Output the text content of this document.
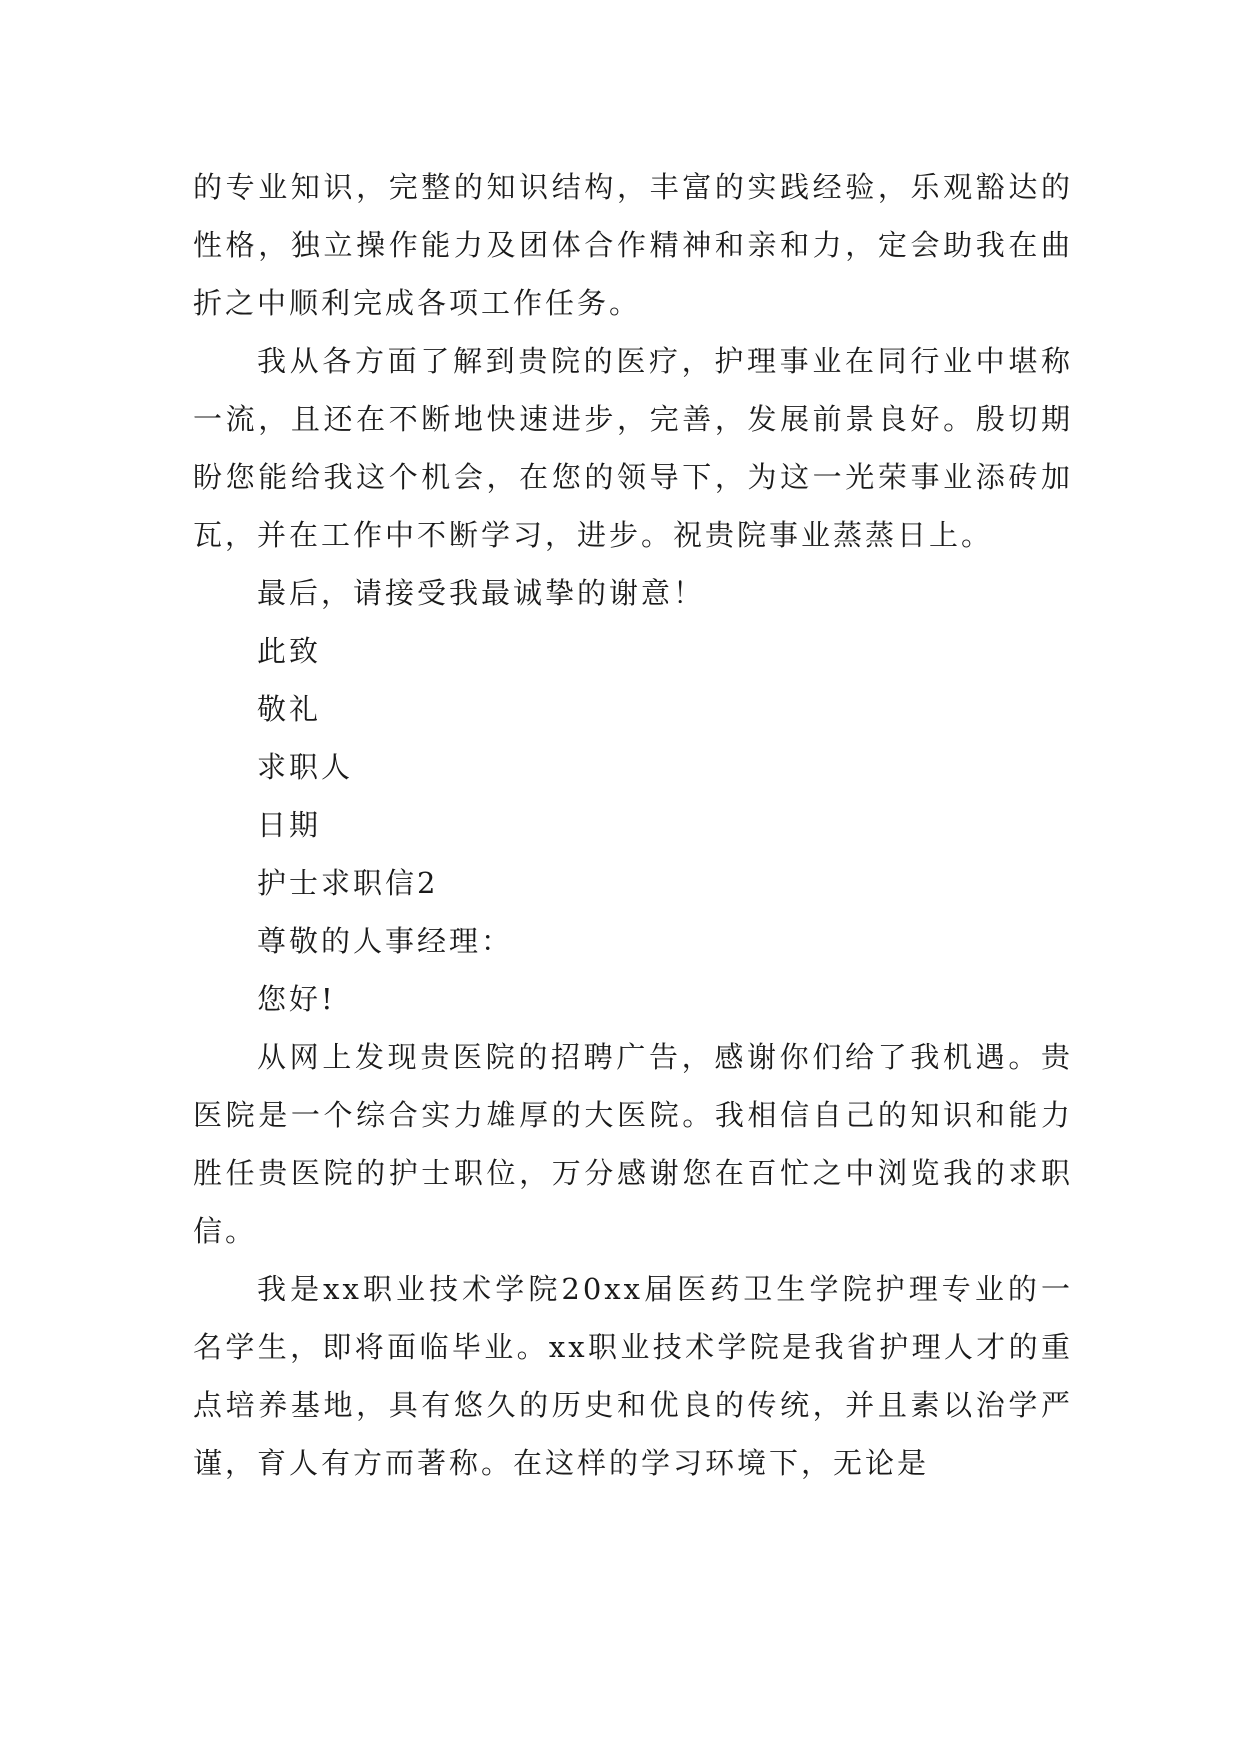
的专业知识，完整的知识结构，丰富的实践经验，乐观豁达的性格，独立操作能力及团体合作精神和亲和力，定会助我在曲折之中顺利完成各项工作任务。

我从各方面了解到贵院的医疗，护理事业在同行业中堪称一流，且还在不断地快速进步，完善，发展前景良好。殷切期盼您能给我这个机会，在您的领导下，为这一光荣事业添砖加瓦，并在工作中不断学习，进步。祝贵院事业蒸蒸日上。

最后，请接受我最诚挚的谢意！

此致

敬礼

求职人

日期

护士求职信2

尊敬的人事经理：

您好!

从网上发现贵医院的招聘广告，感谢你们给了我机遇。贵医院是一个综合实力雄厚的大医院。我相信自己的知识和能力胜任贵医院的护士职位，万分感谢您在百忙之中浏览我的求职信。

我是xx职业技术学院20xx届医药卫生学院护理专业的一名学生，即将面临毕业。xx职业技术学院是我省护理人才的重点培养基地，具有悠久的历史和优良的传统，并且素以治学严谨，育人有方而著称。在这样的学习环境下，无论是
